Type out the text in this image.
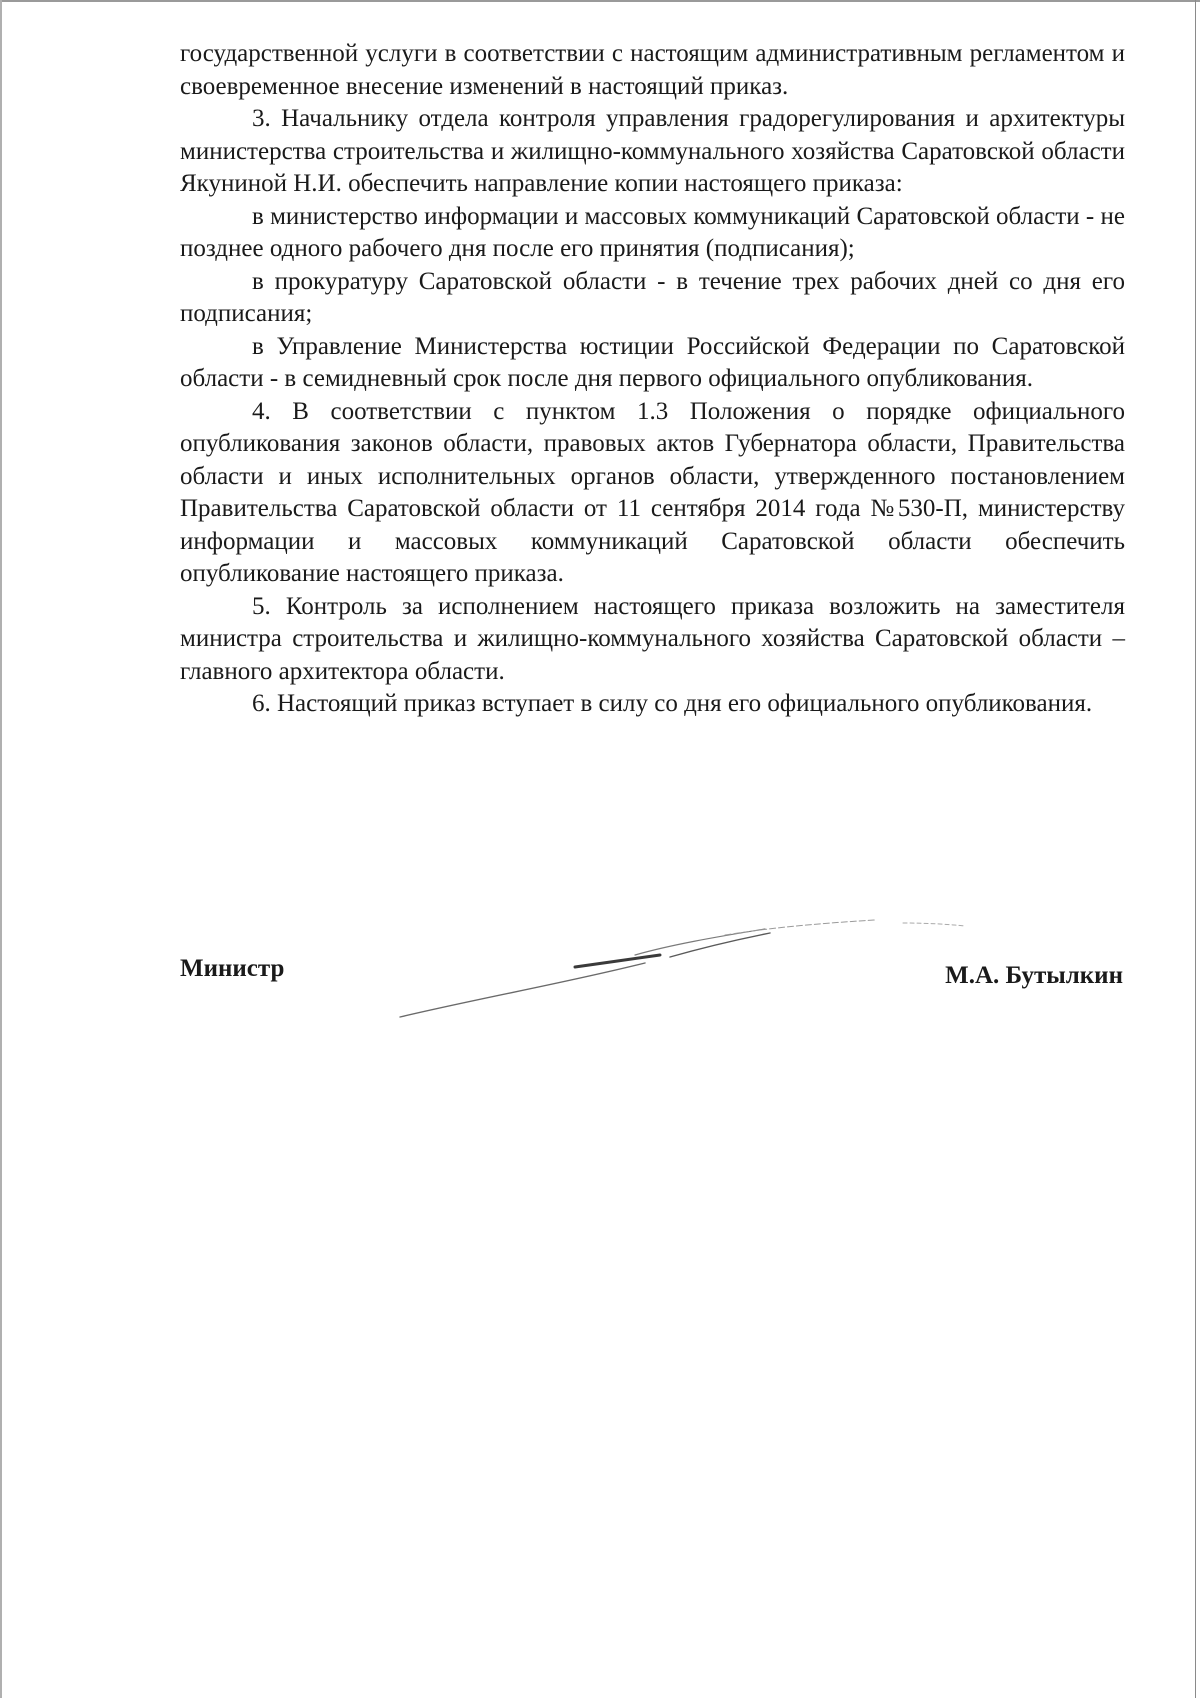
государственной услуги в соответствии с настоящим административным регламентом и своевременное внесение изменений в настоящий приказ.

3. Начальнику отдела контроля управления градорегулирования и архитектуры министерства строительства и жилищно-коммунального хозяйства Саратовской области Якуниной Н.И. обеспечить направление копии настоящего приказа:

в министерство информации и массовых коммуникаций Саратовской области - не позднее одного рабочего дня после его принятия (подписания);

в прокуратуру Саратовской области - в течение трех рабочих дней со дня его подписания;

в Управление Министерства юстиции Российской Федерации по Саратовской области - в семидневный срок после дня первого официального опубликования.

4. В соответствии с пунктом 1.3 Положения о порядке официального опубликования законов области, правовых актов Губернатора области, Правительства области и иных исполнительных органов области, утвержденного постановлением Правительства Саратовской области от 11 сентября 2014 года №530-П, министерству информации и массовых коммуникаций Саратовской области обеспечить опубликование настоящего приказа.

5. Контроль за исполнением настоящего приказа возложить на заместителя министра строительства и жилищно-коммунального хозяйства Саратовской области – главного архитектора области.

6. Настоящий приказ вступает в силу со дня его официального опубликования.

Министр	М.А. Бутылкин
